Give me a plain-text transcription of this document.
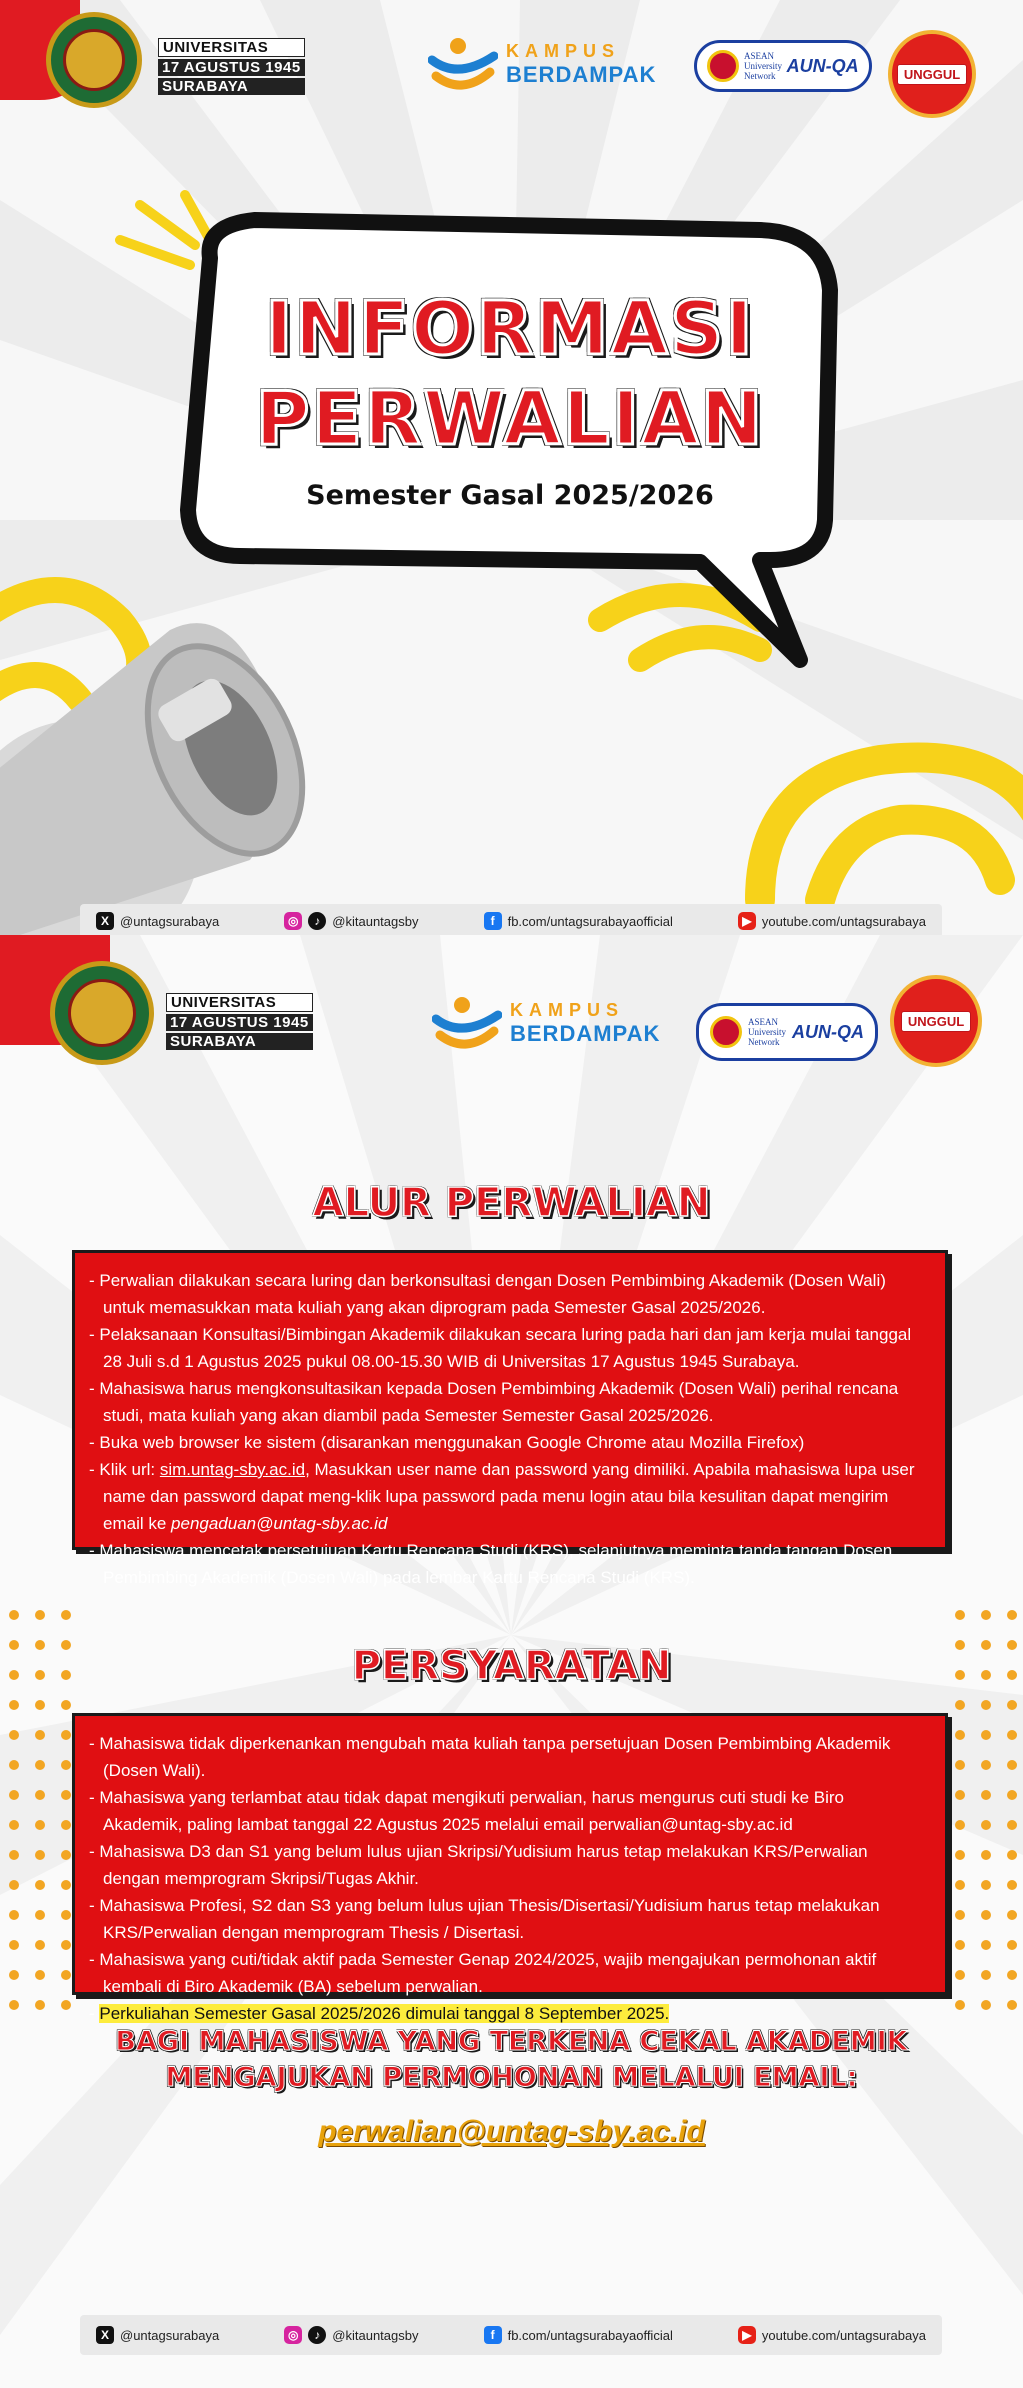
UNIVERSITAS
17 AGUSTUS 1945
SURABAYA
KAMPUS
BERDAMPAK
ASEAN
University
Network
AUN-QA	UNGGUL
INFORMASI
PERWALIAN
Semester Gasal 2025/2026
X @untagsurabaya	◎	♪ @kitauntagsby	f	fb.com/untagsurabayaofficial	▶ youtube.com/untagsurabaya
UNIVERSITAS
17 AGUSTUS 1945
SURABAYA
KAMPUS
BERDAMPAK	ASEAN
University
Network
AUN-QA
UNGGUL
ALUR PERWALIAN
- Perwalian dilakukan secara luring dan berkonsultasi dengan Dosen Pembimbing Akademik (Dosen Wali) untuk memasukkan mata kuliah yang akan diprogram pada Semester Gasal 2025/2026.
- Pelaksanaan Konsultasi/Bimbingan Akademik dilakukan secara luring pada hari dan jam kerja mulai tanggal 28 Juli s.d 1 Agustus 2025 pukul 08.00-15.30 WIB di Universitas 17 Agustus 1945 Surabaya.
- Mahasiswa harus mengkonsultasikan kepada Dosen Pembimbing Akademik (Dosen Wali) perihal rencana studi, mata kuliah yang akan diambil pada Semester Semester Gasal 2025/2026.
- Buka web browser ke sistem (disarankan menggunakan Google Chrome atau Mozilla Firefox)
- Klik url: sim.untag-sby.ac.id, Masukkan user name dan password yang dimiliki. Apabila mahasiswa lupa user name dan password dapat meng-klik lupa password pada menu login atau bila kesulitan dapat mengirim email ke pengaduan@untag-sby.ac.id
- Mahasiswa mencetak persetujuan Kartu Rencana Studi (KRS), selanjutnya meminta tanda tangan Dosen Pembimbing Akademik (Dosen Wali) pada lembar Kartu Rencana Studi (KRS).
PERSYARATAN
- Mahasiswa tidak diperkenankan mengubah mata kuliah tanpa persetujuan Dosen Pembimbing Akademik (Dosen Wali).
- Mahasiswa yang terlambat atau tidak dapat mengikuti perwalian, harus mengurus cuti studi ke Biro Akademik, paling lambat tanggal 22 Agustus 2025 melalui email perwalian@untag-sby.ac.id
- Mahasiswa D3 dan S1 yang belum lulus ujian Skripsi/Yudisium harus tetap melakukan KRS/Perwalian dengan memprogram Skripsi/Tugas Akhir.
- Mahasiswa Profesi, S2 dan S3 yang belum lulus ujian Thesis/Disertasi/Yudisium harus tetap melakukan KRS/Perwalian dengan memprogram Thesis / Disertasi.
- Mahasiswa yang cuti/tidak aktif pada Semester Genap 2024/2025, wajib mengajukan permohonan aktif kembali di Biro Akademik (BA) sebelum perwalian.
- Perkuliahan Semester Gasal 2025/2026 dimulai tanggal 8 September 2025.
BAGI MAHASISWA YANG TERKENA CEKAL AKADEMIK
MENGAJUKAN PERMOHONAN MELALUI EMAIL:
perwalian@untag-sby.ac.id
X @untagsurabaya	◎	♪ @kitauntagsby	f	fb.com/untagsurabayaofficial	▶ youtube.com/untagsurabaya
